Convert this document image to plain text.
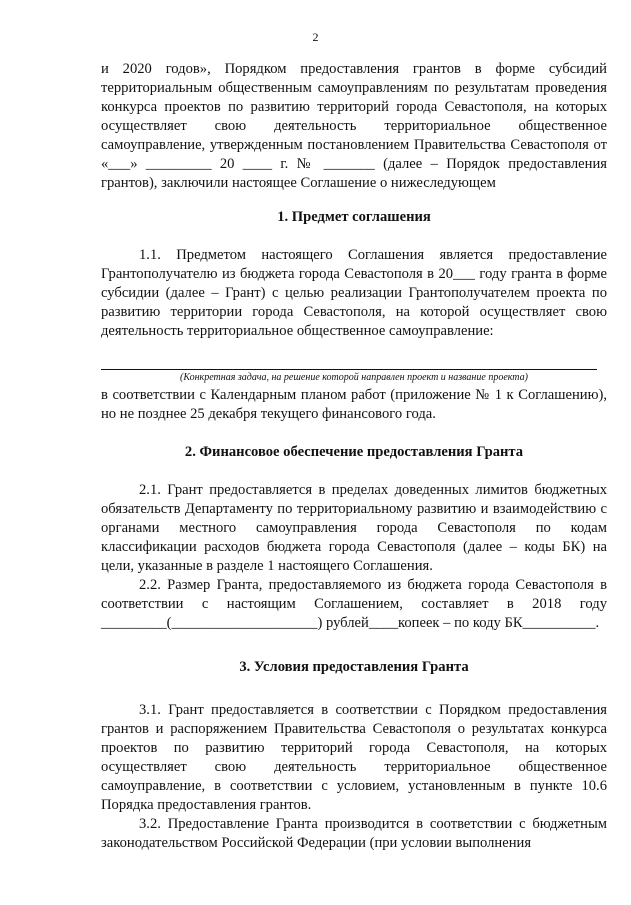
2

и 2020 годов», Порядком предоставления грантов в форме субсидий территориальным общественным самоуправлениям по результатам проведения конкурса проектов по развитию территорий города Севастополя, на которых осуществляет свою деятельность территориальное общественное самоуправление, утвержденным постановлением Правительства Севастополя от «___» _________ 20 ____ г. № _______ (далее – Порядок предоставления грантов), заключили настоящее Соглашение о нижеследующем

1. Предмет соглашения

1.1. Предметом настоящего Соглашения является предоставление Грантополучателю из бюджета города Севастополя в 20___ году гранта в форме субсидии (далее – Грант) с целью реализации Грантополучателем проекта по развитию территории города Севастополя, на которой осуществляет свою деятельность территориальное общественное самоуправление:

(Конкретная задача, на решение которой направлен проект и название проекта)

в соответствии с Календарным планом работ (приложение № 1 к Соглашению), но не позднее 25 декабря текущего финансового года.

2. Финансовое обеспечение предоставления Гранта

2.1. Грант предоставляется в пределах доведенных лимитов бюджетных обязательств Департаменту по территориальному развитию и взаимодействию с органами местного самоуправления города Севастополя по кодам классификации расходов бюджета города Севастополя (далее – коды БК) на цели, указанные в разделе 1 настоящего Соглашения.

2.2. Размер Гранта, предоставляемого из бюджета города Севастополя в соответствии с настоящим Соглашением, составляет в 2018 году _________(____________________) рублей____копеек – по коду БК__________.

3. Условия предоставления Гранта

3.1. Грант предоставляется в соответствии с Порядком предоставления грантов и распоряжением Правительства Севастополя о результатах конкурса проектов по развитию территорий города Севастополя, на которых осуществляет свою деятельность территориальное общественное самоуправление, в соответствии с условием, установленным в пункте 10.6 Порядка предоставления грантов.

3.2. Предоставление Гранта производится в соответствии с бюджетным законодательством Российской Федерации (при условии выполнения
